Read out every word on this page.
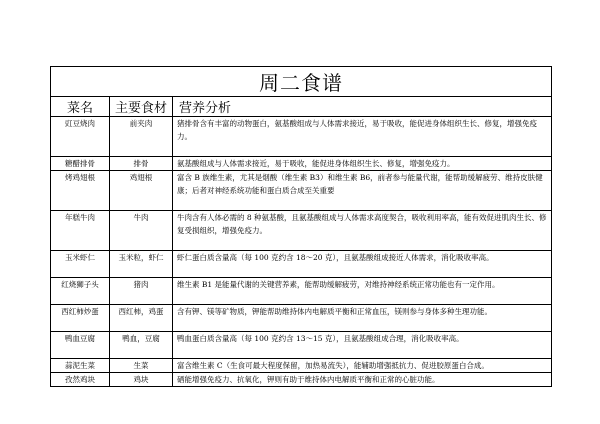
周二食谱		
菜名	主要食材	营养分析
豇豆烧肉	前夹肉	猪排骨含有丰富的动物蛋白，氨基酸组成与人体需求接近，易于吸收，能促进身体组织生长、修复，增强免疫力。
糖醋排骨	排骨	氨基酸组成与人体需求接近，易于吸收，能促进身体组织生长、修复，增强免疫力。
烤鸡翅根	鸡翅根	富含 B 族维生素，尤其是烟酸（维生素 B3）和维生素 B6，前者参与能量代谢，能帮助缓解疲劳、维持皮肤健康；后者对神经系统功能和蛋白质合成至关重要
年糕牛肉	牛肉	牛肉含有人体必需的 8 种氨基酸，且氨基酸组成与人体需求高度契合，吸收利用率高，能有效促进肌肉生长、修复受损组织，增强免疫力。
玉米虾仁	玉米粒，虾仁	虾仁蛋白质含量高（每 100 克约含 18～20 克），且氨基酸组成接近人体需求，消化吸收率高。
红烧狮子头	猪肉	维生素 B1 是能量代谢的关键营养素，能帮助缓解疲劳，对维持神经系统正常功能也有一定作用。
西红柿炒蛋	西红柿，鸡蛋	含有钾、镁等矿物质，钾能帮助维持体内电解质平衡和正常血压，镁则参与身体多种生理功能。
鸭血豆腐	鸭血，豆腐	鸭血蛋白质含量高（每 100 克约含 13～15 克），且氨基酸组成合理，消化吸收率高。
蒜泥生菜	生菜	富含维生素 C（生食可最大程度保留，加热易流失），能辅助增强抵抗力、促进胶原蛋白合成。
孜然鸡块	鸡块	硒能增强免疫力、抗氧化，钾则有助于维持体内电解质平衡和正常的心脏功能。
